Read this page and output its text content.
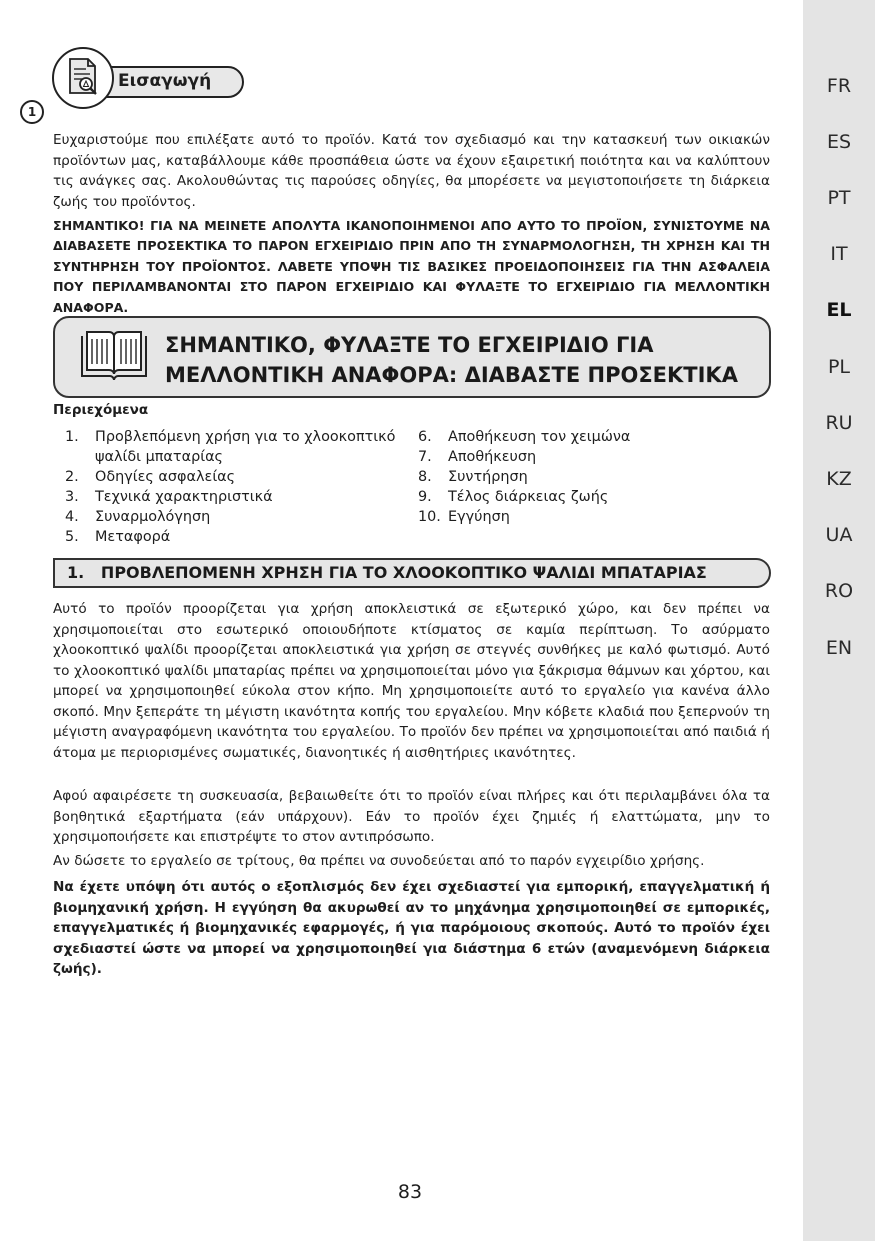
1
Εισαγωγή

Ευχαριστούμε που επιλέξατε αυτό το προϊόν. Κατά τον σχεδιασμό και την κατασκευή των οικιακών προϊόντων μας, καταβάλλουμε κάθε προσπάθεια ώστε να έχουν εξαιρετική ποιότητα και να καλύπτουν τις ανάγκες σας. Ακολουθώντας τις παρούσες οδηγίες, θα μπορέσετε να μεγιστοποιήσετε τη διάρκεια ζωής του προϊόντος.

ΣΗΜΑΝΤΙΚΟ! ΓΙΑ ΝΑ ΜΕΙΝΕΤΕ ΑΠΟΛΥΤΑ ΙΚΑΝΟΠΟΙΗΜΕΝΟΙ ΑΠΟ ΑΥΤΟ ΤΟ ΠΡΟΪΟΝ, ΣΥΝΙΣΤΟΥΜΕ ΝΑ ΔΙΑΒΑΣΕΤΕ ΠΡΟΣΕΚΤΙΚΑ ΤΟ ΠΑΡΟΝ ΕΓΧΕΙΡΙΔΙΟ ΠΡΙΝ ΑΠΟ ΤΗ ΣΥΝΑΡΜΟΛΟΓΗΣΗ, ΤΗ ΧΡΗΣΗ ΚΑΙ ΤΗ ΣΥΝΤΗΡΗΣΗ ΤΟΥ ΠΡΟΪΟΝΤΟΣ. ΛΑΒΕΤΕ ΥΠΟΨΗ ΤΙΣ ΒΑΣΙΚΕΣ ΠΡΟΕΙΔΟΠΟΙΗΣΕΙΣ ΓΙΑ ΤΗΝ ΑΣΦΑΛΕΙΑ ΠΟΥ ΠΕΡΙΛΑΜΒΑΝΟΝΤΑΙ ΣΤΟ ΠΑΡΟΝ ΕΓΧΕΙΡΙΔΙΟ ΚΑΙ ΦΥΛΑΞΤΕ ΤΟ ΕΓΧΕΙΡΙΔΙΟ ΓΙΑ ΜΕΛΛΟΝΤΙΚΗ ΑΝΑΦΟΡΑ.

ΣΗΜΑΝΤΙΚΟ, ΦΥΛΑΞΤΕ ΤΟ ΕΓΧΕΙΡΙΔΙΟ ΓΙΑ
ΜΕΛΛΟΝΤΙΚΗ ΑΝΑΦΟΡΑ: ΔΙΑΒΑΣΤΕ ΠΡΟΣΕΚΤΙΚΑ
Περιεχόμενα
1.	Προβλεπόμενη χρήση για το χλοοκοπτικό ψαλίδι μπαταρίας
2.	Οδηγίες ασφαλείας
3.	Τεχνικά χαρακτηριστικά
4.	Συναρμολόγηση
5.	Μεταφορά
6.	Αποθήκευση τον χειμώνα
7.	Αποθήκευση
8.	Συντήρηση
9.	Τέλος διάρκειας ζωής
10. Εγγύηση
1.   ΠΡΟΒΛΕΠΟΜΕΝΗ ΧΡΗΣΗ ΓΙΑ ΤΟ ΧΛΟΟΚΟΠΤΙΚΟ ΨΑΛΙΔΙ ΜΠΑΤΑΡΙΑΣ

Αυτό το προϊόν προορίζεται για χρήση αποκλειστικά σε εξωτερικό χώρο, και δεν πρέπει να χρησιμοποιείται στο εσωτερικό οποιουδήποτε κτίσματος σε καμία περίπτωση. Το ασύρματο χλοοκοπτικό ψαλίδι προορίζεται αποκλειστικά για χρήση σε στεγνές συνθήκες με καλό φωτισμό. Αυτό το χλοοκοπτικό ψαλίδι μπαταρίας πρέπει να χρησιμοποιείται μόνο για ξάκρισμα θάμνων και χόρτου, και μπορεί να χρησιμοποιηθεί εύκολα στον κήπο. Μη χρησιμοποιείτε αυτό το εργαλείο για κανένα άλλο σκοπό. Μην ξεπεράτε τη μέγιστη ικανότητα κοπής του εργαλείου. Μην κόβετε κλαδιά που ξεπερνούν τη μέγιστη αναγραφόμενη ικανότητα του εργαλείου. Το προϊόν δεν πρέπει να χρησιμοποιείται από παιδιά ή άτομα με περιορισμένες σωματικές, διανοητικές ή αισθητήριες ικανότητες.

Αφού αφαιρέσετε τη συσκευασία, βεβαιωθείτε ότι το προϊόν είναι πλήρες και ότι περιλαμβάνει όλα τα βοηθητικά εξαρτήματα (εάν υπάρχουν). Εάν το προϊόν έχει ζημιές ή ελαττώματα, μην το χρησιμοποιήσετε και επιστρέψτε το στον αντιπρόσωπο.

Αν δώσετε το εργαλείο σε τρίτους, θα πρέπει να συνοδεύεται από το παρόν εγχειρίδιο χρήσης.

Να έχετε υπόψη ότι αυτός ο εξοπλισμός δεν έχει σχεδιαστεί για εμπορική, επαγγελματική ή βιομηχανική χρήση. Η εγγύηση θα ακυρωθεί αν το μηχάνημα χρησιμοποιηθεί σε εμπορικές, επαγγελματικές ή βιομηχανικές εφαρμογές, ή για παρόμοιους σκοπούς. Αυτό το προϊόν έχει σχεδιαστεί ώστε να μπορεί να χρησιμοποιηθεί για διάστημα 6 ετών (αναμενόμενη διάρκεια ζωής).

83
FR
ES
PT
IT
EL
PL
RU
KZ
UA
RO
EN
